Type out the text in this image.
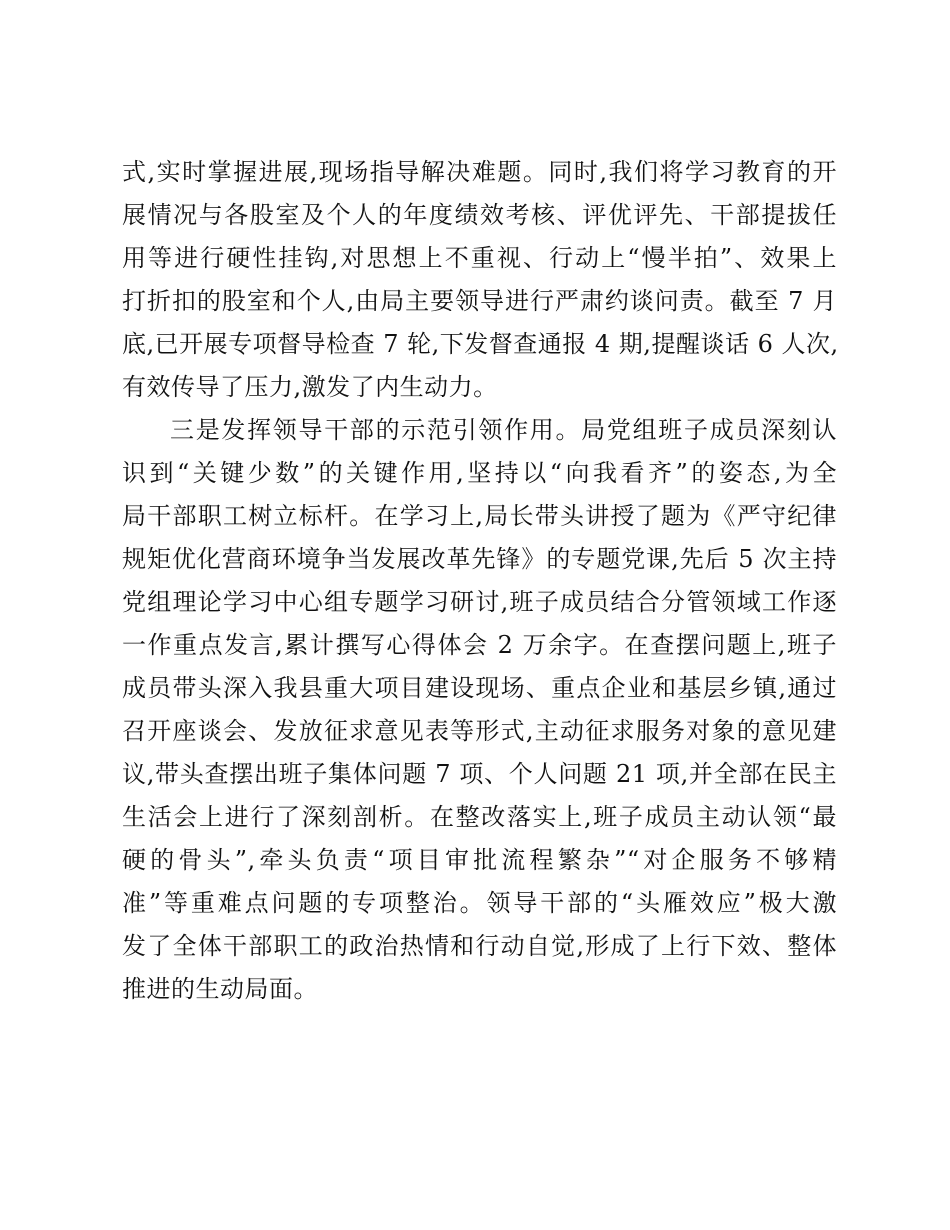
式,实时掌握进展,现场指导解决难题。同时,我们将学习教育的开
展情况与各股室及个人的年度绩效考核、评优评先、干部提拔任
用等进行硬性挂钩,对思想上不重视、行动上“慢半拍”、效果上
打折扣的股室和个人,由局主要领导进行严肃约谈问责。截至 7 月
底,已开展专项督导检查 7 轮,下发督查通报 4 期,提醒谈话 6 人次,
有效传导了压力,激发了内生动力。
三是发挥领导干部的示范引领作用。局党组班子成员深刻认
识到“关键少数”的关键作用,坚持以“向我看齐”的姿态,为全
局干部职工树立标杆。在学习上,局长带头讲授了题为《严守纪律
规矩优化营商环境争当发展改革先锋》的专题党课,先后 5 次主持
党组理论学习中心组专题学习研讨,班子成员结合分管领域工作逐
一作重点发言,累计撰写心得体会 2 万余字。在查摆问题上,班子
成员带头深入我县重大项目建设现场、重点企业和基层乡镇,通过
召开座谈会、发放征求意见表等形式,主动征求服务对象的意见建
议,带头查摆出班子集体问题 7 项、个人问题 21 项,并全部在民主
生活会上进行了深刻剖析。在整改落实上,班子成员主动认领“最
硬的骨头”,牵头负责“项目审批流程繁杂”“对企服务不够精
准”等重难点问题的专项整治。领导干部的“头雁效应”极大激
发了全体干部职工的政治热情和行动自觉,形成了上行下效、整体
推进的生动局面。
